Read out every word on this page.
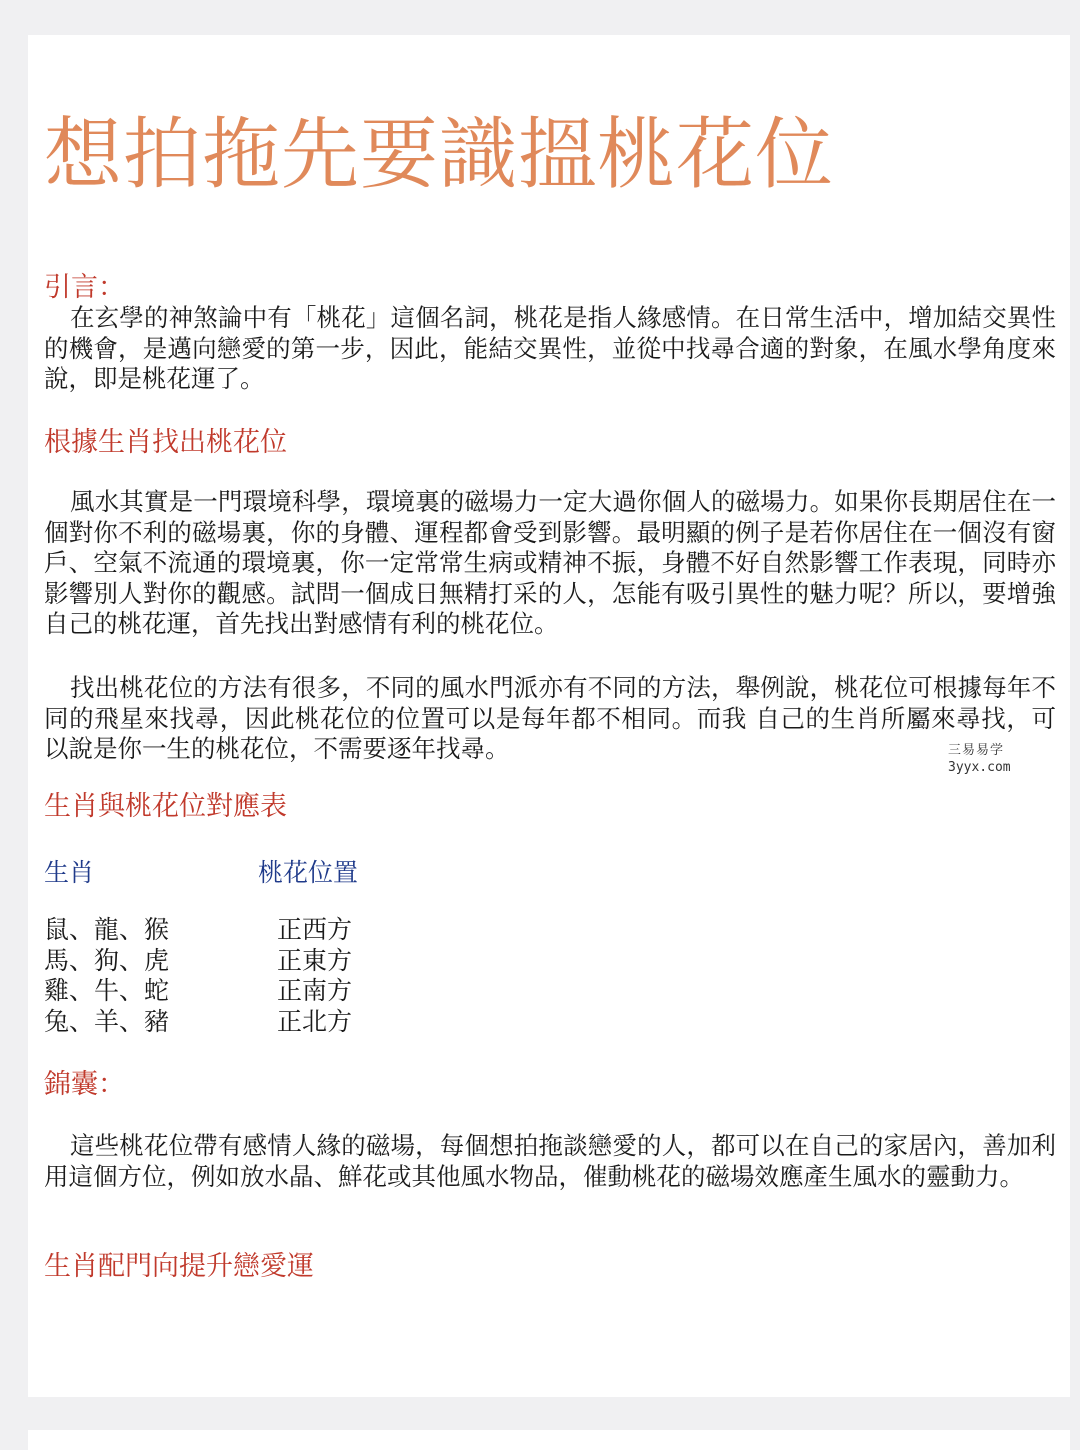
想拍拖先要識搵桃花位
引言：

在玄學的神煞論中有「桃花」這個名詞，桃花是指人緣感情。在日常生活中，增加結交異性的機會，是邁向戀愛的第一步，因此，能結交異性，並從中找尋合適的對象，在風水學角度來說，即是桃花運了。

根據生肖找出桃花位

風水其實是一門環境科學，環境裏的磁場力一定大過你個人的磁場力。如果你長期居住在一個對你不利的磁場裏，你的身體、運程都會受到影響。最明顯的例子是若你居住在一個沒有窗戶、空氣不流通的環境裏，你一定常常生病或精神不振，身體不好自然影響工作表現，同時亦影響別人對你的觀感。試問一個成日無精打采的人，怎能有吸引異性的魅力呢？所以，要增強自己的桃花運，首先找出對感情有利的桃花位。

找出桃花位的方法有很多，不同的風水門派亦有不同的方法，舉例說，桃花位可根據每年不同的飛星來找尋，因此桃花位的位置可以是每年都不相同。而我 自己的生肖所屬來尋找，可以說是你一生的桃花位，不需要逐年找尋。

生肖與桃花位對應表
生肖	桃花位置
鼠、龍、猴	正西方
馬、狗、虎	正東方
雞、牛、蛇	正南方
兔、羊、豬	正北方
錦囊：

這些桃花位帶有感情人緣的磁場，每個想拍拖談戀愛的人，都可以在自己的家居內，善加利用這個方位，例如放水晶、鮮花或其他風水物品，催動桃花的磁場效應產生風水的靈動力。

生肖配門向提升戀愛運
三易易学
3yyx.com
